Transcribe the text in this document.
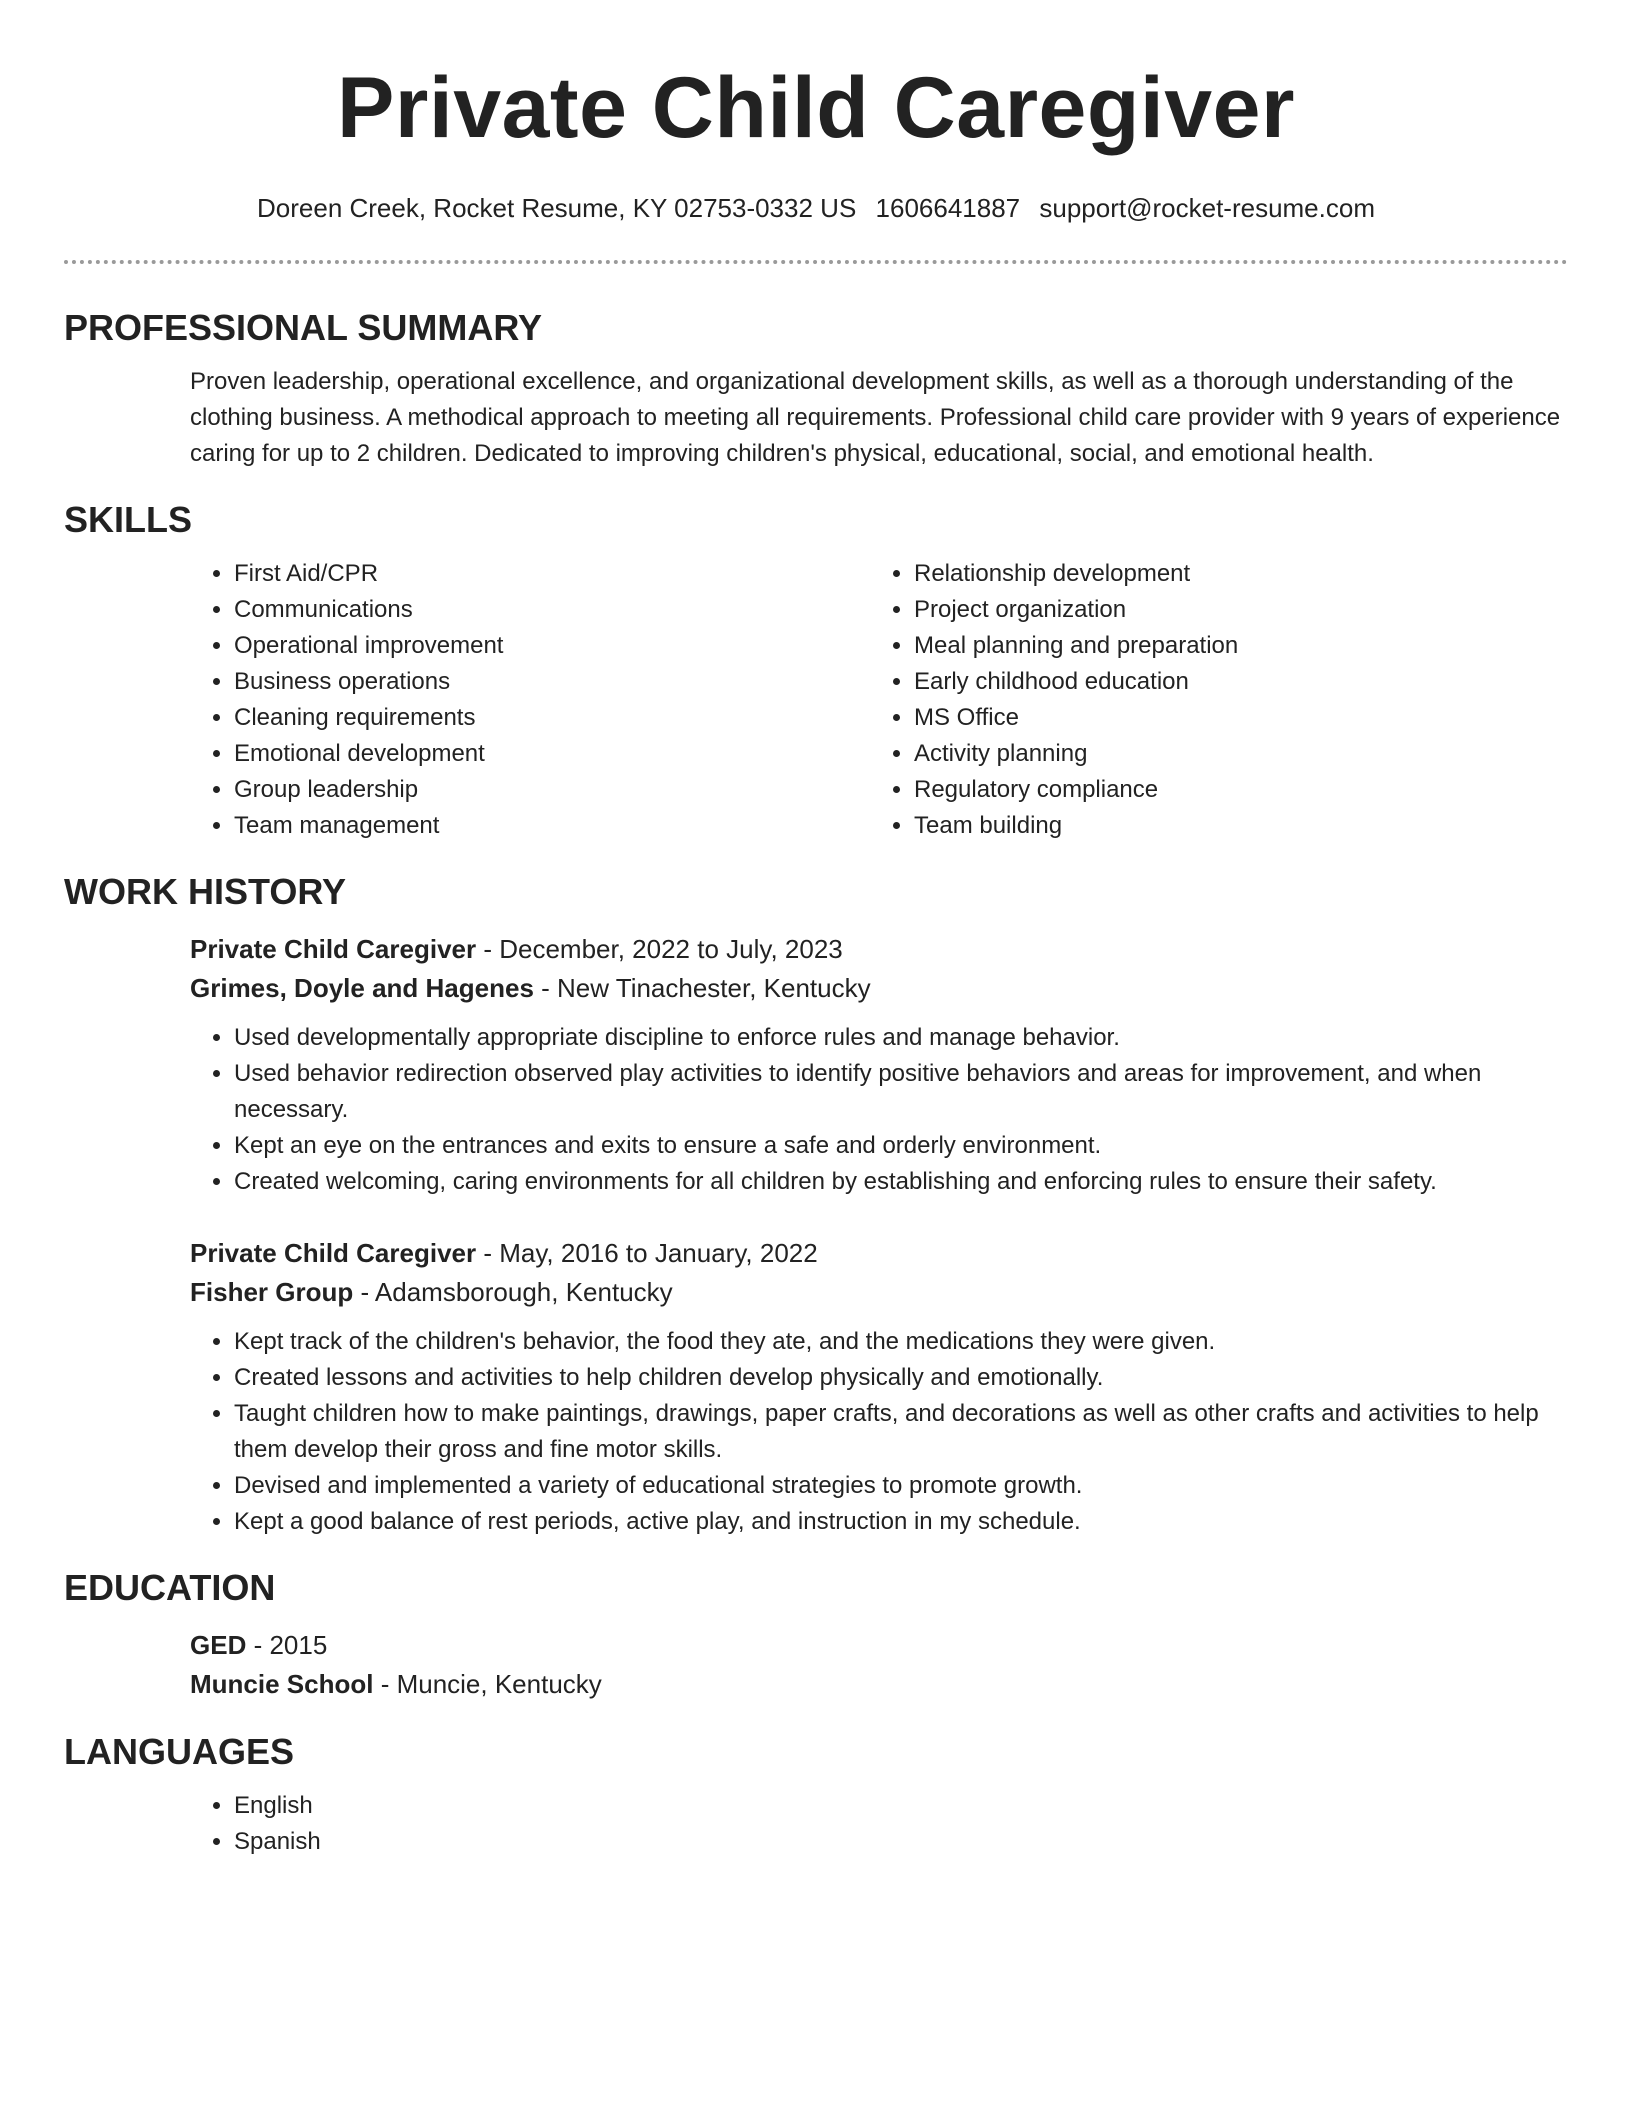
Private Child Caregiver
Doreen Creek, Rocket Resume, KY 02753-0332 US 1606641887 support@rocket-resume.com
PROFESSIONAL SUMMARY

Proven leadership, operational excellence, and organizational development skills, as well as a thorough understanding of the clothing business. A methodical approach to meeting all requirements. Professional child care provider with 9 years of experience caring for up to 2 children. Dedicated to improving children's physical, educational, social, and emotional health.

SKILLS
• First Aid/CPR
• Communications
• Operational improvement
• Business operations
• Cleaning requirements
• Emotional development
• Group leadership
• Team management
• Relationship development
• Project organization
• Meal planning and preparation
• Early childhood education
• MS Office
• Activity planning
• Regulatory compliance
• Team building
WORK HISTORY
Private Child Caregiver - December, 2022 to July, 2023
Grimes, Doyle and Hagenes - New Tinachester, Kentucky
• Used developmentally appropriate discipline to enforce rules and manage behavior.
• Used behavior redirection observed play activities to identify positive behaviors and areas for improvement, and when necessary.
• Kept an eye on the entrances and exits to ensure a safe and orderly environment.
• Created welcoming, caring environments for all children by establishing and enforcing rules to ensure their safety.
Private Child Caregiver - May, 2016 to January, 2022
Fisher Group - Adamsborough, Kentucky
• Kept track of the children's behavior, the food they ate, and the medications they were given.
• Created lessons and activities to help children develop physically and emotionally.
• Taught children how to make paintings, drawings, paper crafts, and decorations as well as other crafts and activities to help them develop their gross and fine motor skills.
• Devised and implemented a variety of educational strategies to promote growth.
• Kept a good balance of rest periods, active play, and instruction in my schedule.
EDUCATION
GED - 2015
Muncie School - Muncie, Kentucky
LANGUAGES
• English
• Spanish
